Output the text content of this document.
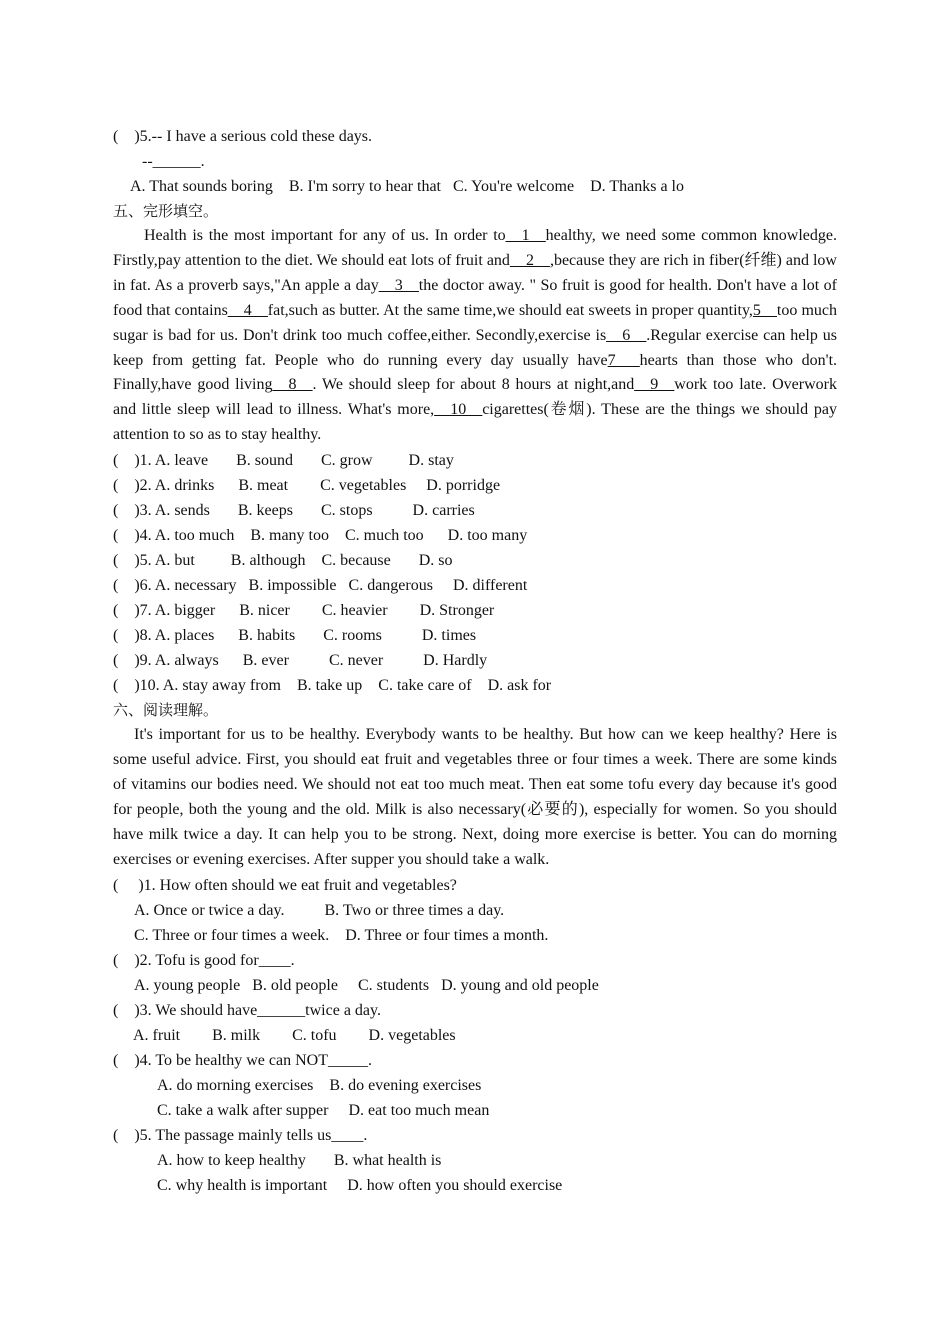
(    )5.-- I have a serious cold these days.
--______.
A. That sounds boring    B. I'm sorry to hear that   C. You're welcome    D. Thanks a lo
五、完形填空。
Health is the most important for any of us. In order to__1__healthy, we need some common knowledge. Firstly,pay attention to the diet. We should eat lots of fruit and__2__,because they are rich in fiber(纤维) and low in fat. As a proverb says,"An apple a day__3__the doctor away. " So fruit is good for health. Don't have a lot of food that contains__4__fat,such as butter. At the same time,we should eat sweets in proper quantity,5__too much sugar is bad for us. Don't drink too much coffee,either. Secondly,exercise is__6__.Regular exercise can help us keep from getting fat. People who do running every day usually have7___hearts than those who don't. Finally,have good living__8__. We should sleep for about 8 hours at night,and__9__work too late. Overwork and little sleep will lead to illness. What's more,__10__cigarettes(卷烟). These are the things we should pay attention to so as to stay healthy.
(    )1. A. leave       B. sound       C. grow         D. stay
(    )2. A. drinks      B. meat        C. vegetables     D. porridge
(    )3. A. sends       B. keeps       C. stops          D. carries
(    )4. A. too much    B. many too    C. much too      D. too many
(    )5. A. but         B. although    C. because       D. so
(    )6. A. necessary   B. impossible   C. dangerous     D. different
(    )7. A. bigger      B. nicer        C. heavier        D. Stronger
(    )8. A. places      B. habits       C. rooms          D. times
(    )9. A. always      B. ever          C. never          D. Hardly
(    )10. A. stay away from    B. take up    C. take care of    D. ask for
六、阅读理解。
It's important for us to be healthy. Everybody wants to be healthy. But how can we keep healthy? Here is some useful advice. First, you should eat fruit and vegetables three or four times a week. There are some kinds of vitamins our bodies need. We should not eat too much meat. Then eat some tofu every day because it's good for people, both the young and the old. Milk is also necessary(必要的), especially for women. So you should have milk twice a day. It can help you to be strong. Next, doing more exercise is better. You can do morning exercises or evening exercises. After supper you should take a walk.
(     )1. How often should we eat fruit and vegetables?
A. Once or twice a day.          B. Two or three times a day.
C. Three or four times a week.    D. Three or four times a month.
(    )2. Tofu is good for____.
A. young people   B. old people     C. students   D. young and old people
(    )3. We should have______twice a day.
A. fruit        B. milk        C. tofu        D. vegetables
(    )4. To be healthy we can NOT_____.
A. do morning exercises    B. do evening exercises
C. take a walk after supper     D. eat too much mean
(    )5. The passage mainly tells us____.
A. how to keep healthy       B. what health is
C. why health is important     D. how often you should exercise
